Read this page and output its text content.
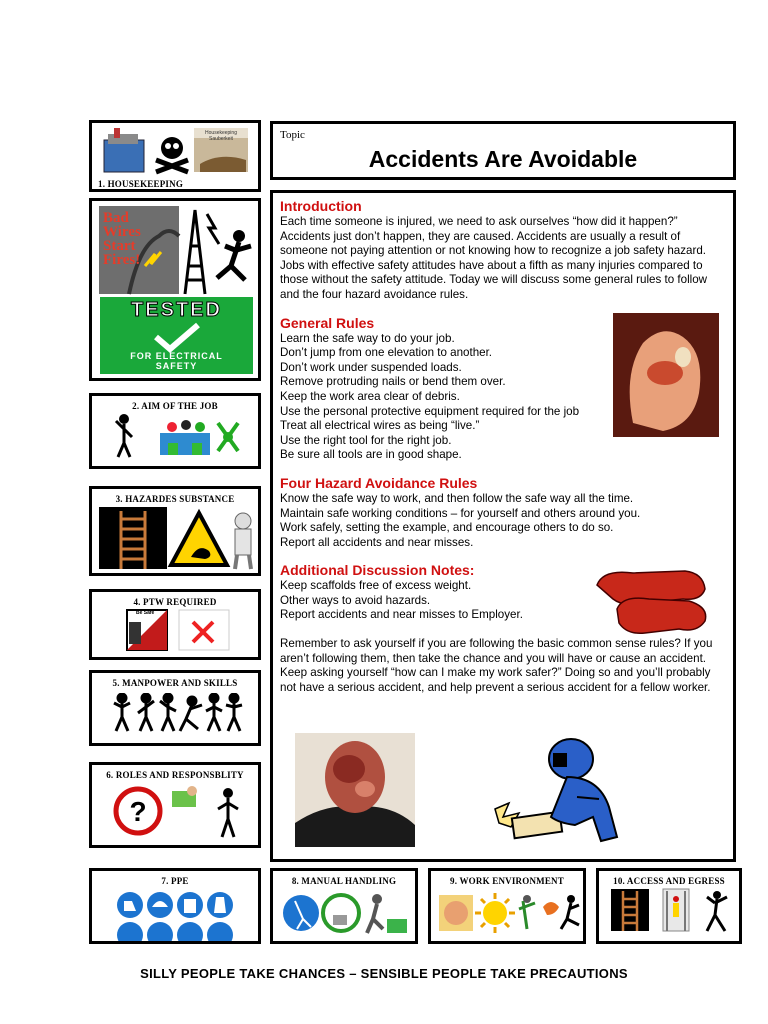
Housekeeping Sauberkeit
1. HOUSEKEEPING
Bad
Wires
Start
Fires!
TESTED
FOR ELECTRICAL SAFETY
2. AIM OF THE JOB
3. HAZARDES SUBSTANCE
4. PTW REQUIRED
Be Safe
5. MANPOWER AND SKILLS
6. ROLES AND RESPONSBLITY
?
Topic
Accidents Are Avoidable
Introduction

Each time someone is injured, we need to ask ourselves “how did it happen?” Accidents just don’t happen, they are caused. Accidents are usually a result of someone not paying attention or not knowing how to recognize a job safety hazard. Jobs with effective safety attitudes have about a fifth as many injuries compared to those without the safety attitude. Today we will discuss some general rules to follow and the four hazard avoidance rules.

General Rules
Learn the safe way to do your job.
Don’t jump from one elevation to another.
Don’t work under suspended loads.
Remove protruding nails or bend them over.
Keep the work area clear of debris.
Use the personal protective equipment required for the job
Treat all electrical wires as being “live.”
Use the right tool for the right job.
Be sure all tools are in good shape.
Four Hazard Avoidance Rules
Know the safe way to work, and then follow the safe way all the time.
Maintain safe working conditions – for yourself and others around you.
Work safely, setting the example, and encourage others to do so.
Report all accidents and near misses.
Additional Discussion Notes:
Keep scaffolds free of excess weight.
Other ways to avoid hazards.
Report accidents and near misses to Employer.

Remember to ask yourself if you are following the basic common sense rules? If you aren’t following them, then take the chance and you will have or cause an accident. Keep asking yourself “how can I make my work safer?” Doing so and you’ll probably not have a serious accident, and help prevent a serious accident for a fellow worker.

7. PPE	8. MANUAL HANDLING	9. WORK ENVIRONMENT	10. ACCESS AND EGRESS
SILLY PEOPLE TAKE CHANCES – SENSIBLE PEOPLE TAKE PRECAUTIONS
